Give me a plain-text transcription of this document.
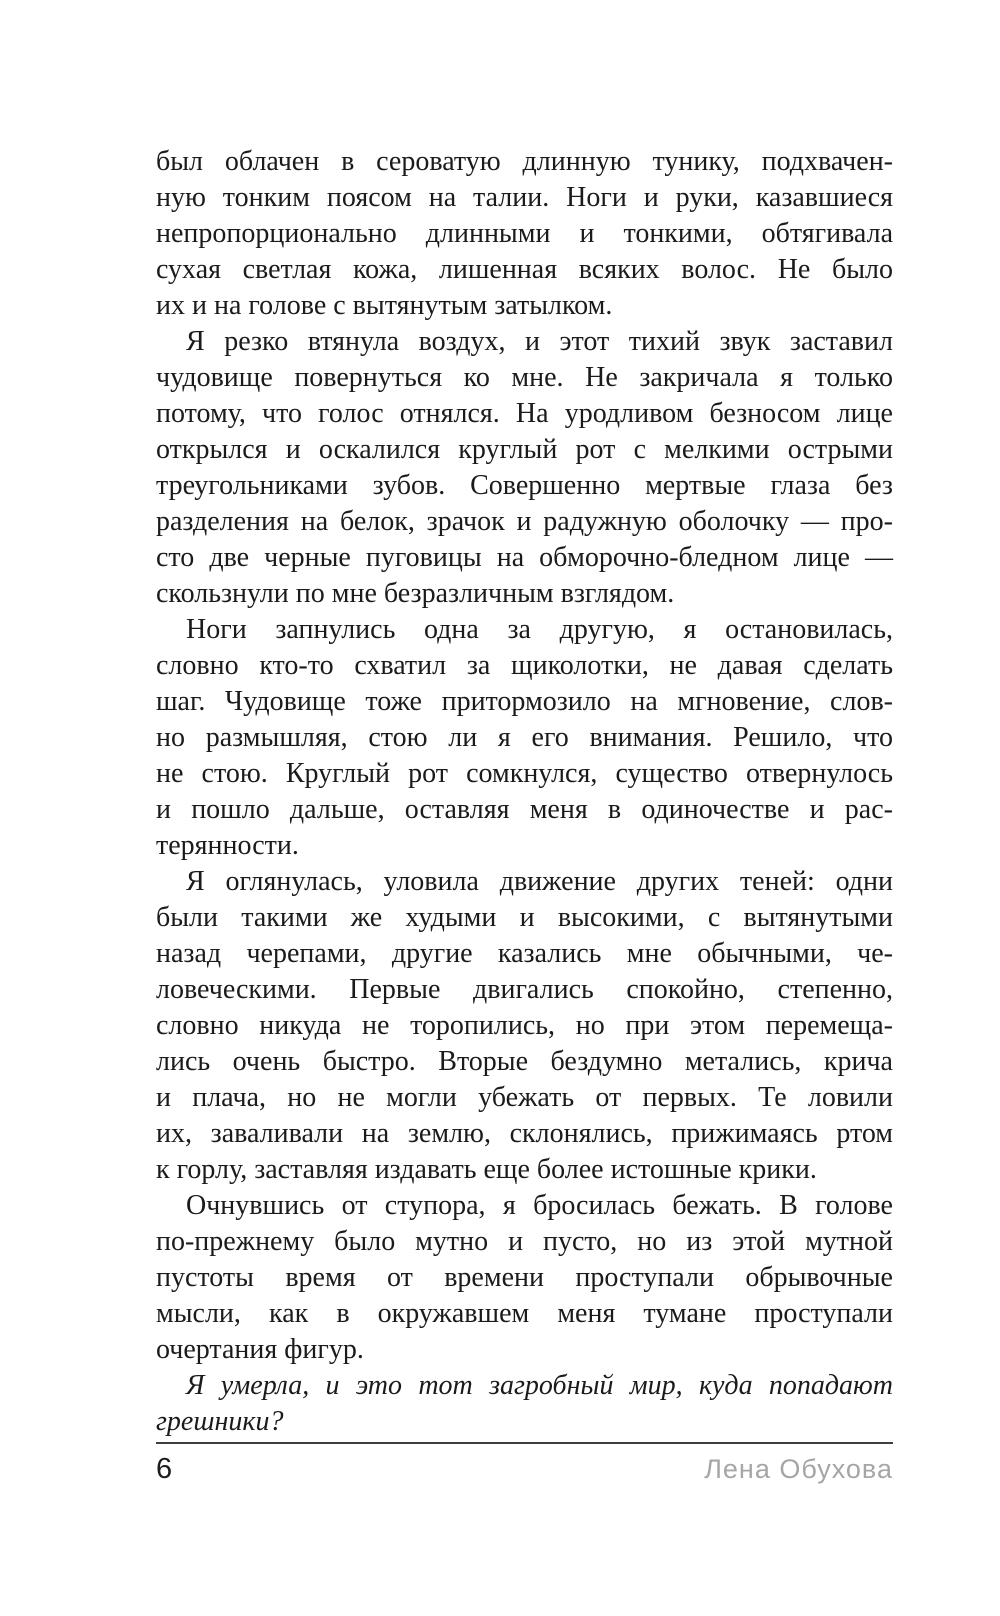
был облачен в сероватую длинную тунику, подхвачен-
ную тонким поясом на талии. Ноги и руки, казавшиеся
непропорционально длинными и тонкими, обтягивала
сухая светлая кожа, лишенная всяких волос. Не было
их и на голове с вытянутым затылком.

Я резко втянула воздух, и этот тихий звук заставил
чудовище повернуться ко мне. Не закричала я только
потому, что голос отнялся. На уродливом безносом лице
открылся и оскалился круглый рот с мелкими острыми
треугольниками зубов. Совершенно мертвые глаза без
разделения на белок, зрачок и радужную оболочку — про-
сто две черные пуговицы на обморочно-бледном лице —
скользнули по мне безразличным взглядом.

Ноги запнулись одна за другую, я остановилась,
словно кто-то схватил за щиколотки, не давая сделать
шаг. Чудовище тоже притормозило на мгновение, слов-
но размышляя, стою ли я его внимания. Решило, что
не стою. Круглый рот сомкнулся, существо отвернулось
и пошло дальше, оставляя меня в одиночестве и рас-
терянности.

Я оглянулась, уловила движение других теней: одни
были такими же худыми и высокими, с вытянутыми
назад черепами, другие казались мне обычными, че-
ловеческими. Первые двигались спокойно, степенно,
словно никуда не торопились, но при этом перемеща-
лись очень быстро. Вторые бездумно метались, крича
и плача, но не могли убежать от первых. Те ловили
их, заваливали на землю, склонялись, прижимаясь ртом
к горлу, заставляя издавать еще более истошные крики.

Очнувшись от ступора, я бросилась бежать. В голове
по-прежнему было мутно и пусто, но из этой мутной
пустоты время от времени проступали обрывочные
мысли, как в окружавшем меня тумане проступали
очертания фигур.

Я умерла, и это тот загробный мир, куда попадают
грешники?

6	Лена Обухова
